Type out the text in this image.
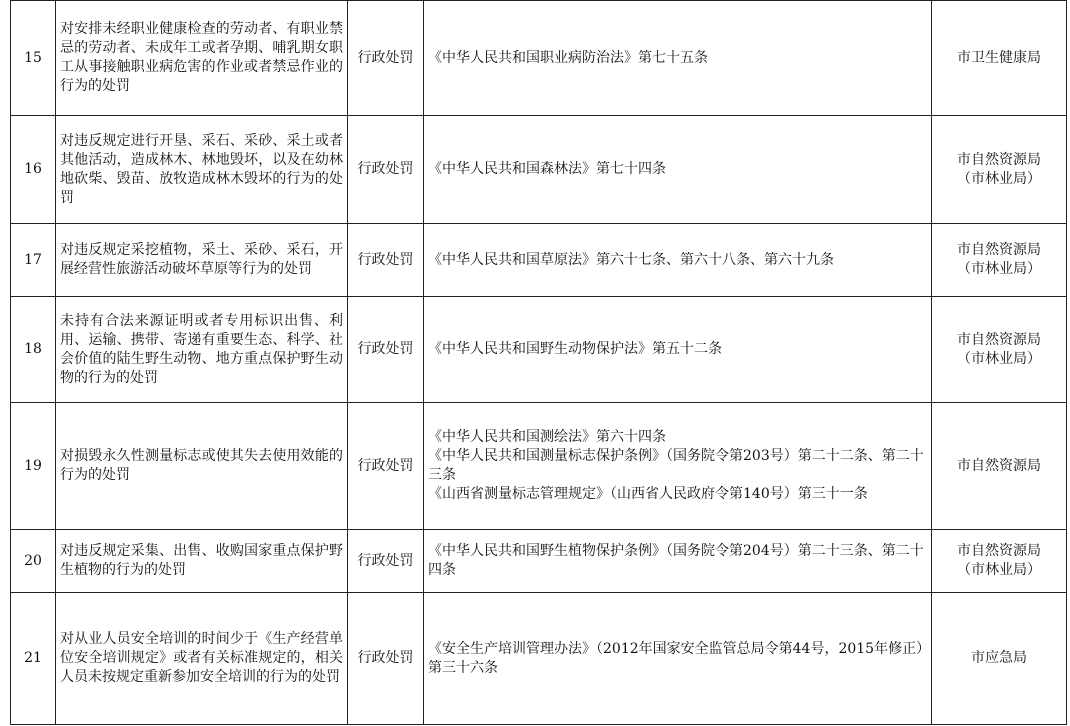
15	对安排未经职业健康检查的劳动者、有职业禁忌的劳动者、未成年工或者孕期、哺乳期女职工从事接触职业病危害的作业或者禁忌作业的行为的处罚	行政处罚	《中华人民共和国职业病防治法》第七十五条	市卫生健康局

16	对违反规定进行开垦、采石、采砂、采土或者其他活动，造成林木、林地毁坏，以及在幼林地砍柴、毁苗、放牧造成林木毁坏的行为的处罚	行政处罚	《中华人民共和国森林法》第七十四条	市自然资源局
（市林业局）

17	对违反规定采挖植物，采土、采砂、采石，开展经营性旅游活动破坏草原等行为的处罚	行政处罚	《中华人民共和国草原法》第六十七条、第六十八条、第六十九条	市自然资源局
（市林业局）

18	未持有合法来源证明或者专用标识出售、利用、运输、携带、寄递有重要生态、科学、社会价值的陆生野生动物、地方重点保护野生动物的行为的处罚	行政处罚	《中华人民共和国野生动物保护法》第五十二条	市自然资源局
（市林业局）

19	对损毁永久性测量标志或使其失去使用效能的行为的处罚	行政处罚	《中华人民共和国测绘法》第六十四条
《中华人民共和国测量标志保护条例》（国务院令第203号）第二十二条、第二十三条
《山西省测量标志管理规定》（山西省人民政府令第140号）第三十一条	市自然资源局

20	对违反规定采集、出售、收购国家重点保护野生植物的行为的处罚	行政处罚	《中华人民共和国野生植物保护条例》（国务院令第204号）第二十三条、第二十四条	市自然资源局
（市林业局）

21	对从业人员安全培训的时间少于《生产经营单位安全培训规定》或者有关标准规定的，相关人员未按规定重新参加安全培训的行为的处罚	行政处罚	《安全生产培训管理办法》（2012年国家安全监管总局令第44号，2015年修正）第三十六条	市应急局
